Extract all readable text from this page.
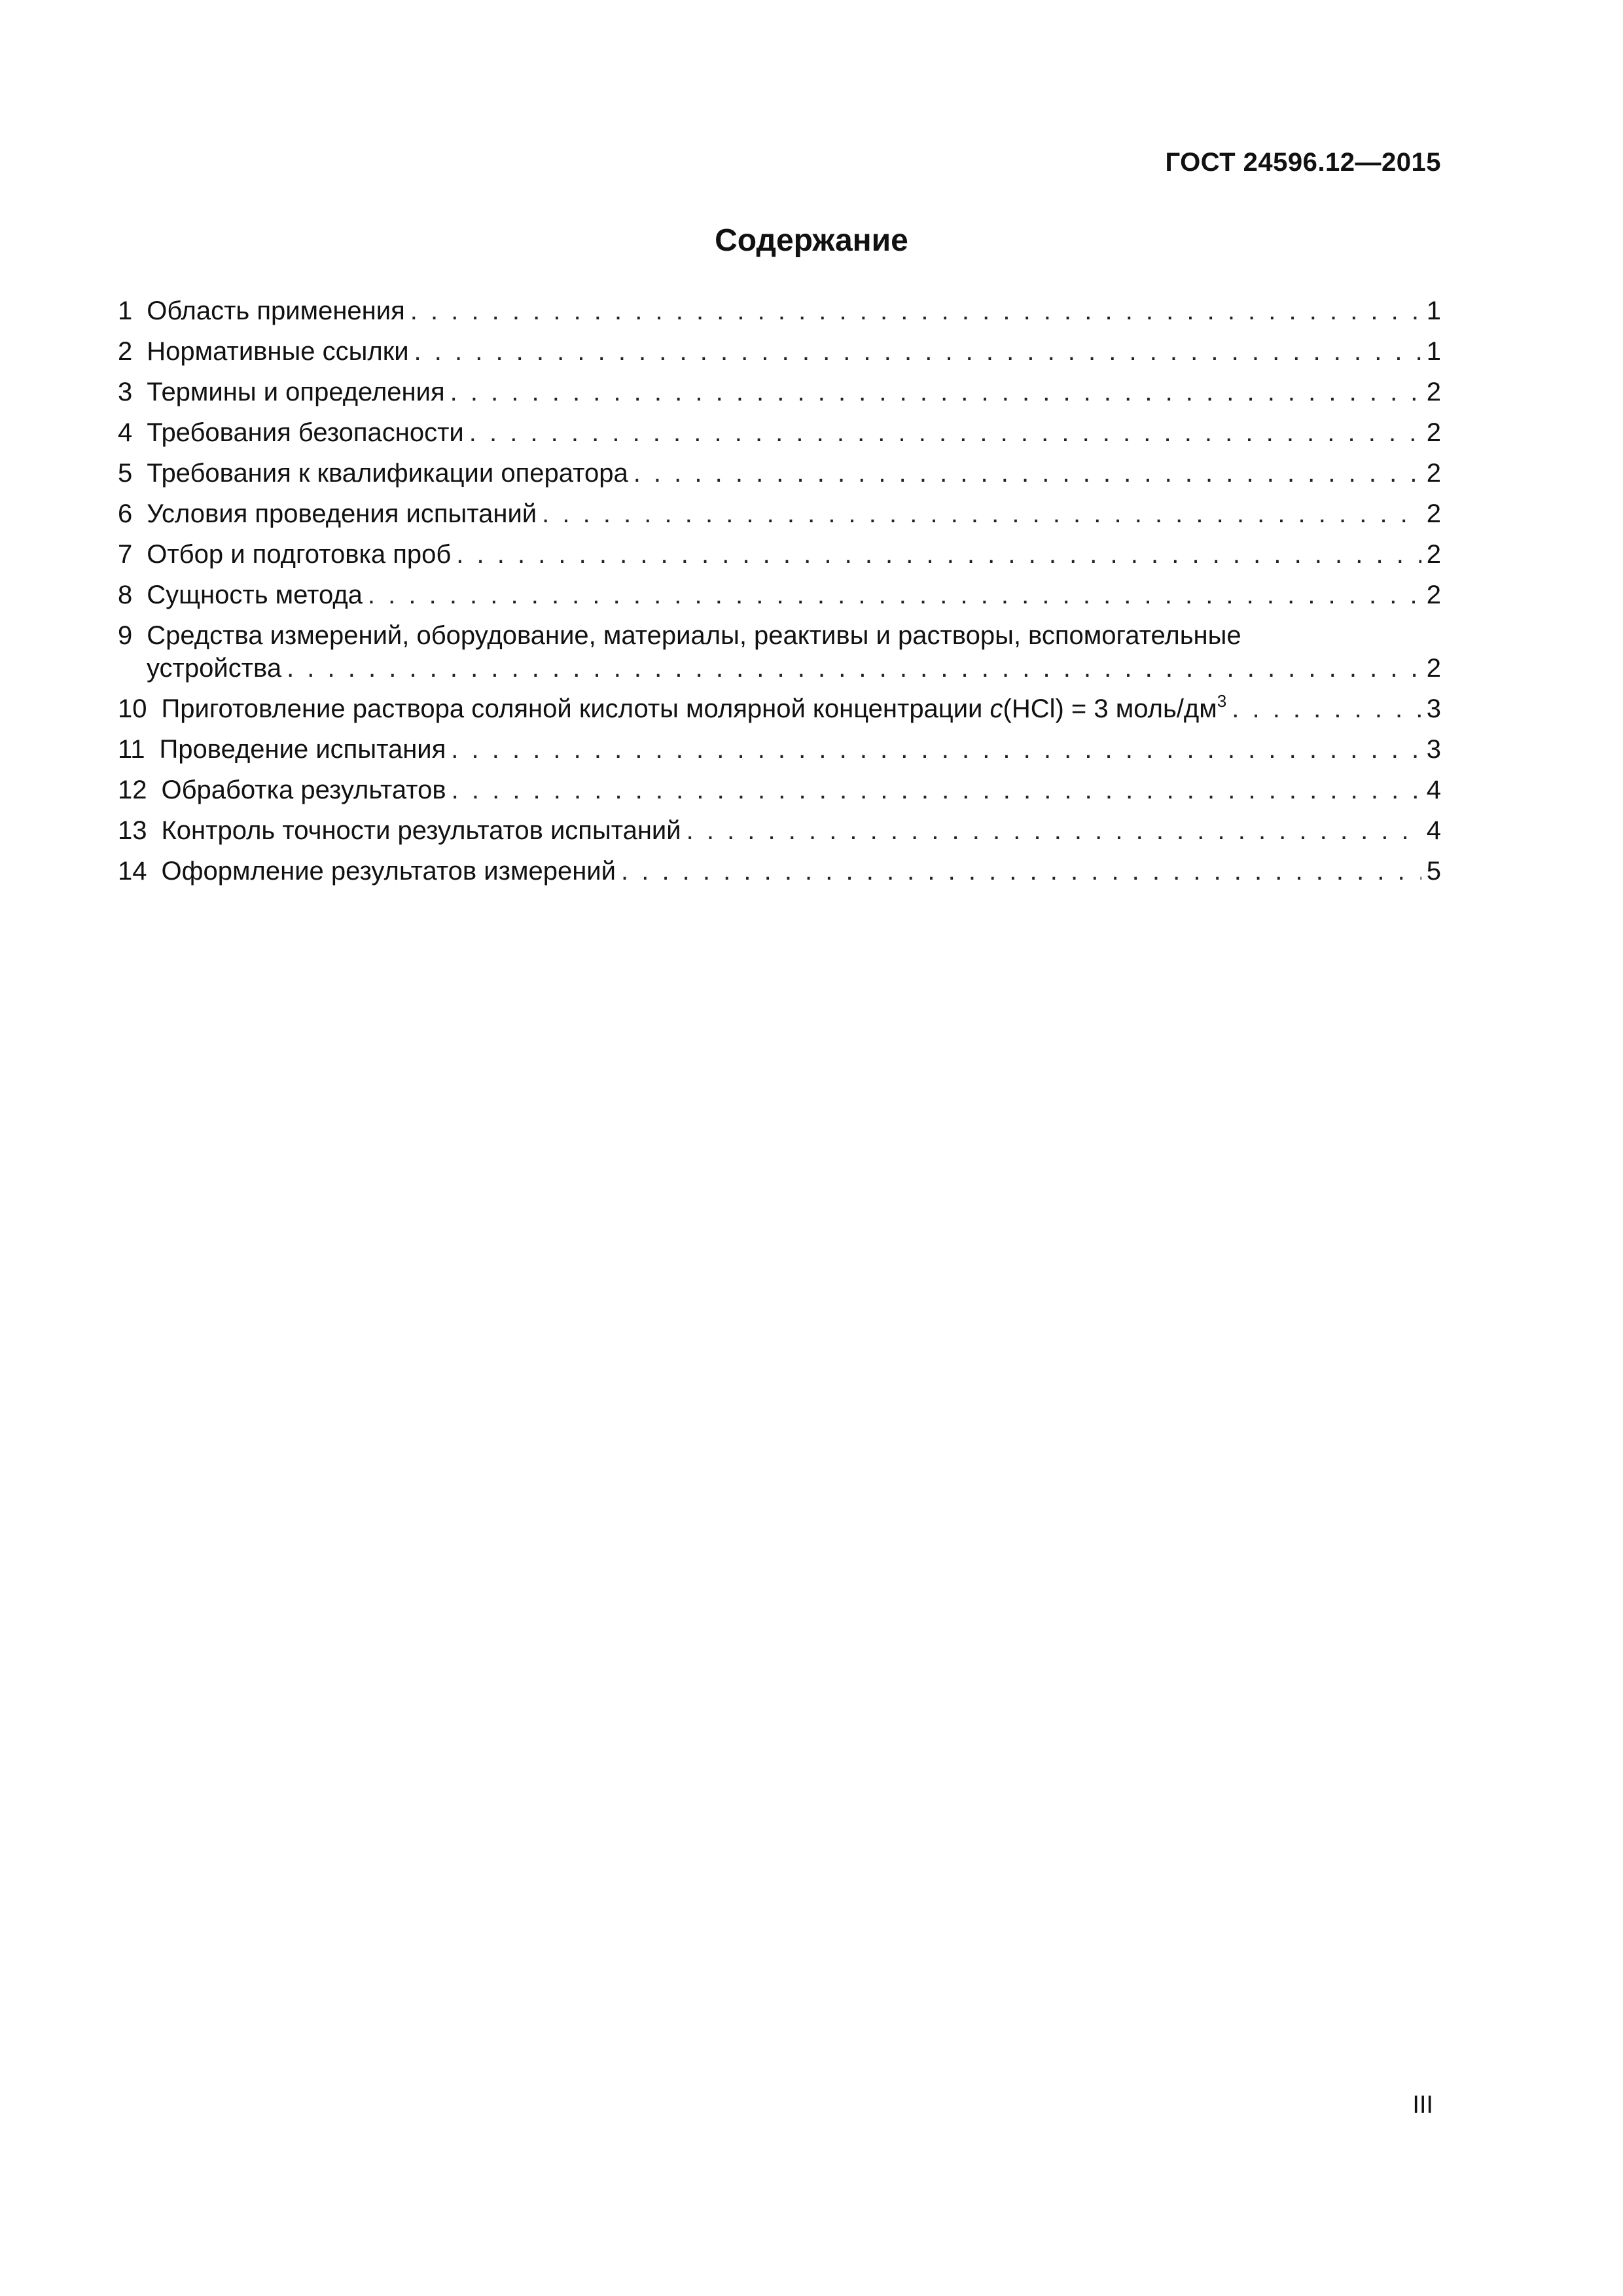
ГОСТ 24596.12—2015
Содержание
1 Область применения . . .	1
2 Нормативные ссылки . . .	1
3 Термины и определения . . .	2
4 Требования безопасности . . .	2
5 Требования к квалификации оператора . . .	2
6 Условия проведения испытаний . . .	2
7 Отбор и подготовка проб . . .	2
8 Сущность метода . . .	2
9 Средства измерений, оборудование, материалы, реактивы и растворы, вспомогательные
устройства . . .	2
10 Приготовление раствора соляной кислоты молярной концентрации c(HCl) = 3 моль/$дм^3$ . . .	3
11 Проведение испытания . . .	3
12 Обработка результатов . . .	4
13 Контроль точности результатов испытаний . . .	4
14 Оформление результатов измерений . . .	5
III
